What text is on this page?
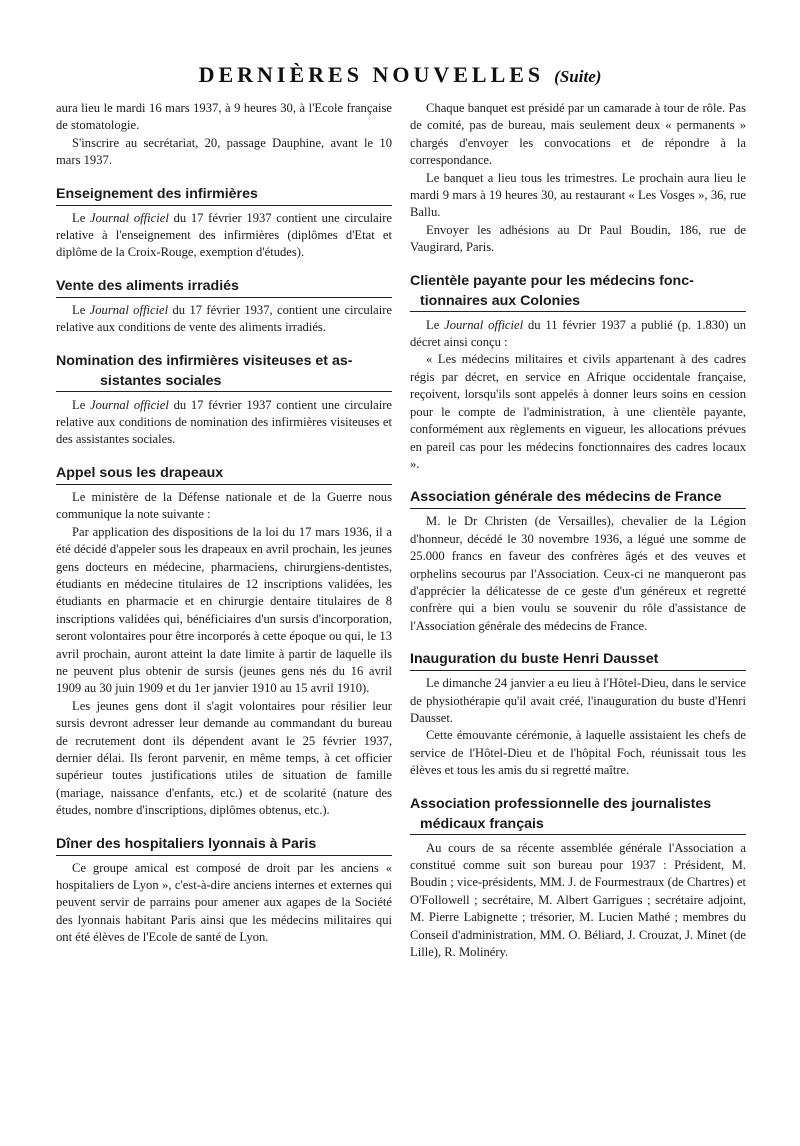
DERNIÈRES NOUVELLES (Suite)

aura lieu le mardi 16 mars 1937, à 9 heures 30, à l'Ecole française de stomatologie.

S'inscrire au secrétariat, 20, passage Dauphine, avant le 10 mars 1937.

Enseignement des infirmières

Le Journal officiel du 17 février 1937 contient une circulaire relative à l'enseignement des infirmières (diplômes d'Etat et diplôme de la Croix-Rouge, exemption d'études).

Vente des aliments irradiés

Le Journal officiel du 17 février 1937, contient une circulaire relative aux conditions de vente des aliments irradiés.

Nomination des infirmières visiteuses et as-
sistantes sociales

Le Journal officiel du 17 février 1937 contient une circulaire relative aux conditions de nomination des infirmières visiteuses et des assistantes sociales.

Appel sous les drapeaux

Le ministère de la Défense nationale et de la Guerre nous communique la note suivante :

Par application des dispositions de la loi du 17 mars 1936, il a été décidé d'appeler sous les drapeaux en avril prochain, les jeunes gens docteurs en médecine, pharmaciens, chirurgiens-dentistes, étudiants en médecine titulaires de 12 inscriptions validées, les étudiants en pharmacie et en chirurgie dentaire titulaires de 8 inscriptions validées qui, bénéficiaires d'un sursis d'incorporation, seront volontaires pour être incorporés à cette époque ou qui, le 13 avril prochain, auront atteint la date limite à partir de laquelle ils ne peuvent plus obtenir de sursis (jeunes gens nés du 16 avril 1909 au 30 juin 1909 et du 1er janvier 1910 au 15 avril 1910).

Les jeunes gens dont il s'agit volontaires pour résilier leur sursis devront adresser leur demande au commandant du bureau de recrutement dont ils dépendent avant le 25 février 1937, dernier délai. Ils feront parvenir, en même temps, à cet officier supérieur toutes justifications utiles de situation de famille (mariage, naissance d'enfants, etc.) et de scolarité (nature des études, nombre d'inscriptions, diplômes obtenus, etc.).

Dîner des hospitaliers lyonnais à Paris

Ce groupe amical est composé de droit par les anciens « hospitaliers de Lyon », c'est-à-dire anciens internes et externes qui peuvent servir de parrains pour amener aux agapes de la Société des lyonnais habitant Paris ainsi que les médecins militaires qui ont été élèves de l'Ecole de santé de Lyon.

Chaque banquet est présidé par un camarade à tour de rôle. Pas de comité, pas de bureau, mais seulement deux « permanents » chargés d'envoyer les convocations et de répondre à la correspondance.

Le banquet a lieu tous les trimestres. Le prochain aura lieu le mardi 9 mars à 19 heures 30, au restaurant « Les Vosges », 36, rue Ballu.

Envoyer les adhésions au Dr Paul Boudin, 186, rue de Vaugirard, Paris.

Clientèle payante pour les médecins fonc-
tionnaires aux Colonies

Le Journal officiel du 11 février 1937 a publié (p. 1.830) un décret ainsi conçu :

« Les médecins militaires et civils appartenant à des cadres régis par décret, en service en Afrique occidentale française, reçoivent, lorsqu'ils sont appelés à donner leurs soins en cession pour le compte de l'administration, à une clientèle payante, conformément aux règlements en vigueur, les allocations prévues en pareil cas pour les médecins fonctionnaires des cadres locaux ».

Association générale des médecins de France

M. le Dr Christen (de Versailles), chevalier de la Légion d'honneur, décédé le 30 novembre 1936, a légué une somme de 25.000 francs en faveur des confrères âgés et des veuves et orphelins secourus par l'Association. Ceux-ci ne manqueront pas d'apprécier la délicatesse de ce geste d'un généreux et regretté confrère qui a bien voulu se souvenir du rôle d'assistance de l'Association générale des médecins de France.

Inauguration du buste Henri Dausset

Le dimanche 24 janvier a eu lieu à l'Hôtel-Dieu, dans le service de physiothérapie qu'il avait créé, l'inauguration du buste d'Henri Dausset.

Cette émouvante cérémonie, à laquelle assistaient les chefs de service de l'Hôtel-Dieu et de l'hôpital Foch, réunissait tous les élèves et tous les amis du si regretté maître.

Association professionnelle des journalistes
médicaux français

Au cours de sa récente assemblée générale l'Association a constitué comme suit son bureau pour 1937 : Président, M. Boudin ; vice-présidents, MM. J. de Fourmestraux (de Chartres) et O'Followell ; secrétaire, M. Albert Garrigues ; secrétaire adjoint, M. Pierre Labignette ; trésorier, M. Lucien Mathé ; membres du Conseil d'administration, MM. O. Béliard, J. Crouzat, J. Minet (de Lille), R. Molinéry.
